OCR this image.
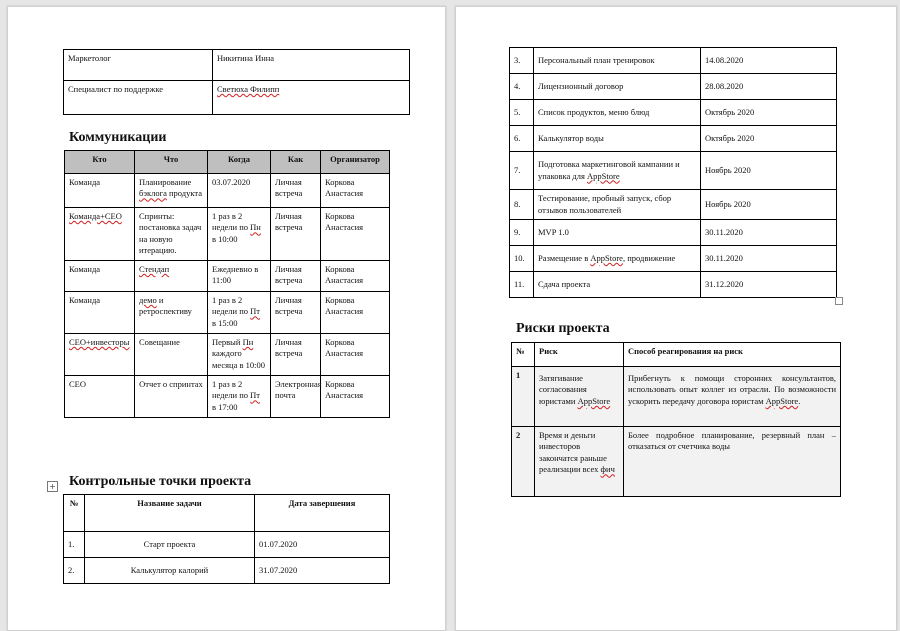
Маркетолог	Никитина Инна
Специалист по поддержке	Светюха Филипп
Коммуникации
Кто	Что	Когда	Как	Организатор
Команда	Планирование бэклога продукта	03.07.2020	Личная встреча	Коркова Анастасия
Команда+CEO	Спринты: постановка задач на новую итерацию.	1 раз в 2 недели по Пн в 10:00	Личная встреча	Коркова Анастасия
Команда	Стендап	Ежедневно в 11:00	Личная встреча	Коркова Анастасия
Команда	демо и ретроспективу	1 раз в 2 недели по Пт в 15:00	Личная встреча	Коркова Анастасия
CEO+инвесторы	Совещание	Первый Пн каждого месяца в 10:00	Личная встреча	Коркова Анастасия
CEO	Отчет о спринтах	1 раз в 2 недели по Пт в 17:00	Электронная почта	Коркова Анастасия
+ Контрольные точки проекта
№	Название задачи	Дата завершения
1.	Старт проекта	01.07.2020
2.	Калькулятор калорий	31.07.2020
3.	Персональный план тренировок	14.08.2020
4.	Лицензионный договор	28.08.2020
5.	Список продуктов, меню блюд	Октябрь 2020
6.	Калькулятор воды	Октябрь 2020
7.	Подготовка маркетинговой кампании и упаковка для AppStore	Ноябрь 2020
8.	Тестирование, пробный запуск, сбор отзывов пользователей	Ноябрь 2020
9.	MVP 1.0	30.11.2020
10.	Размещение в AppStore, продвижение	30.11.2020
11.	Сдача проекта	31.12.2020
Риски проекта
№	Риск	Способ реагирования на риск
1	Затягивание согласования юристами AppStore	Прибегнуть к помощи сторонних консультантов, использовать опыт коллег из отрасли. По возможности ускорить передачу договора юристам AppStore.
2	Время и деньги инвесторов закончатся раньше реализации всех фич	Более подробное планирование, резервный план – отказаться от счетчика воды
